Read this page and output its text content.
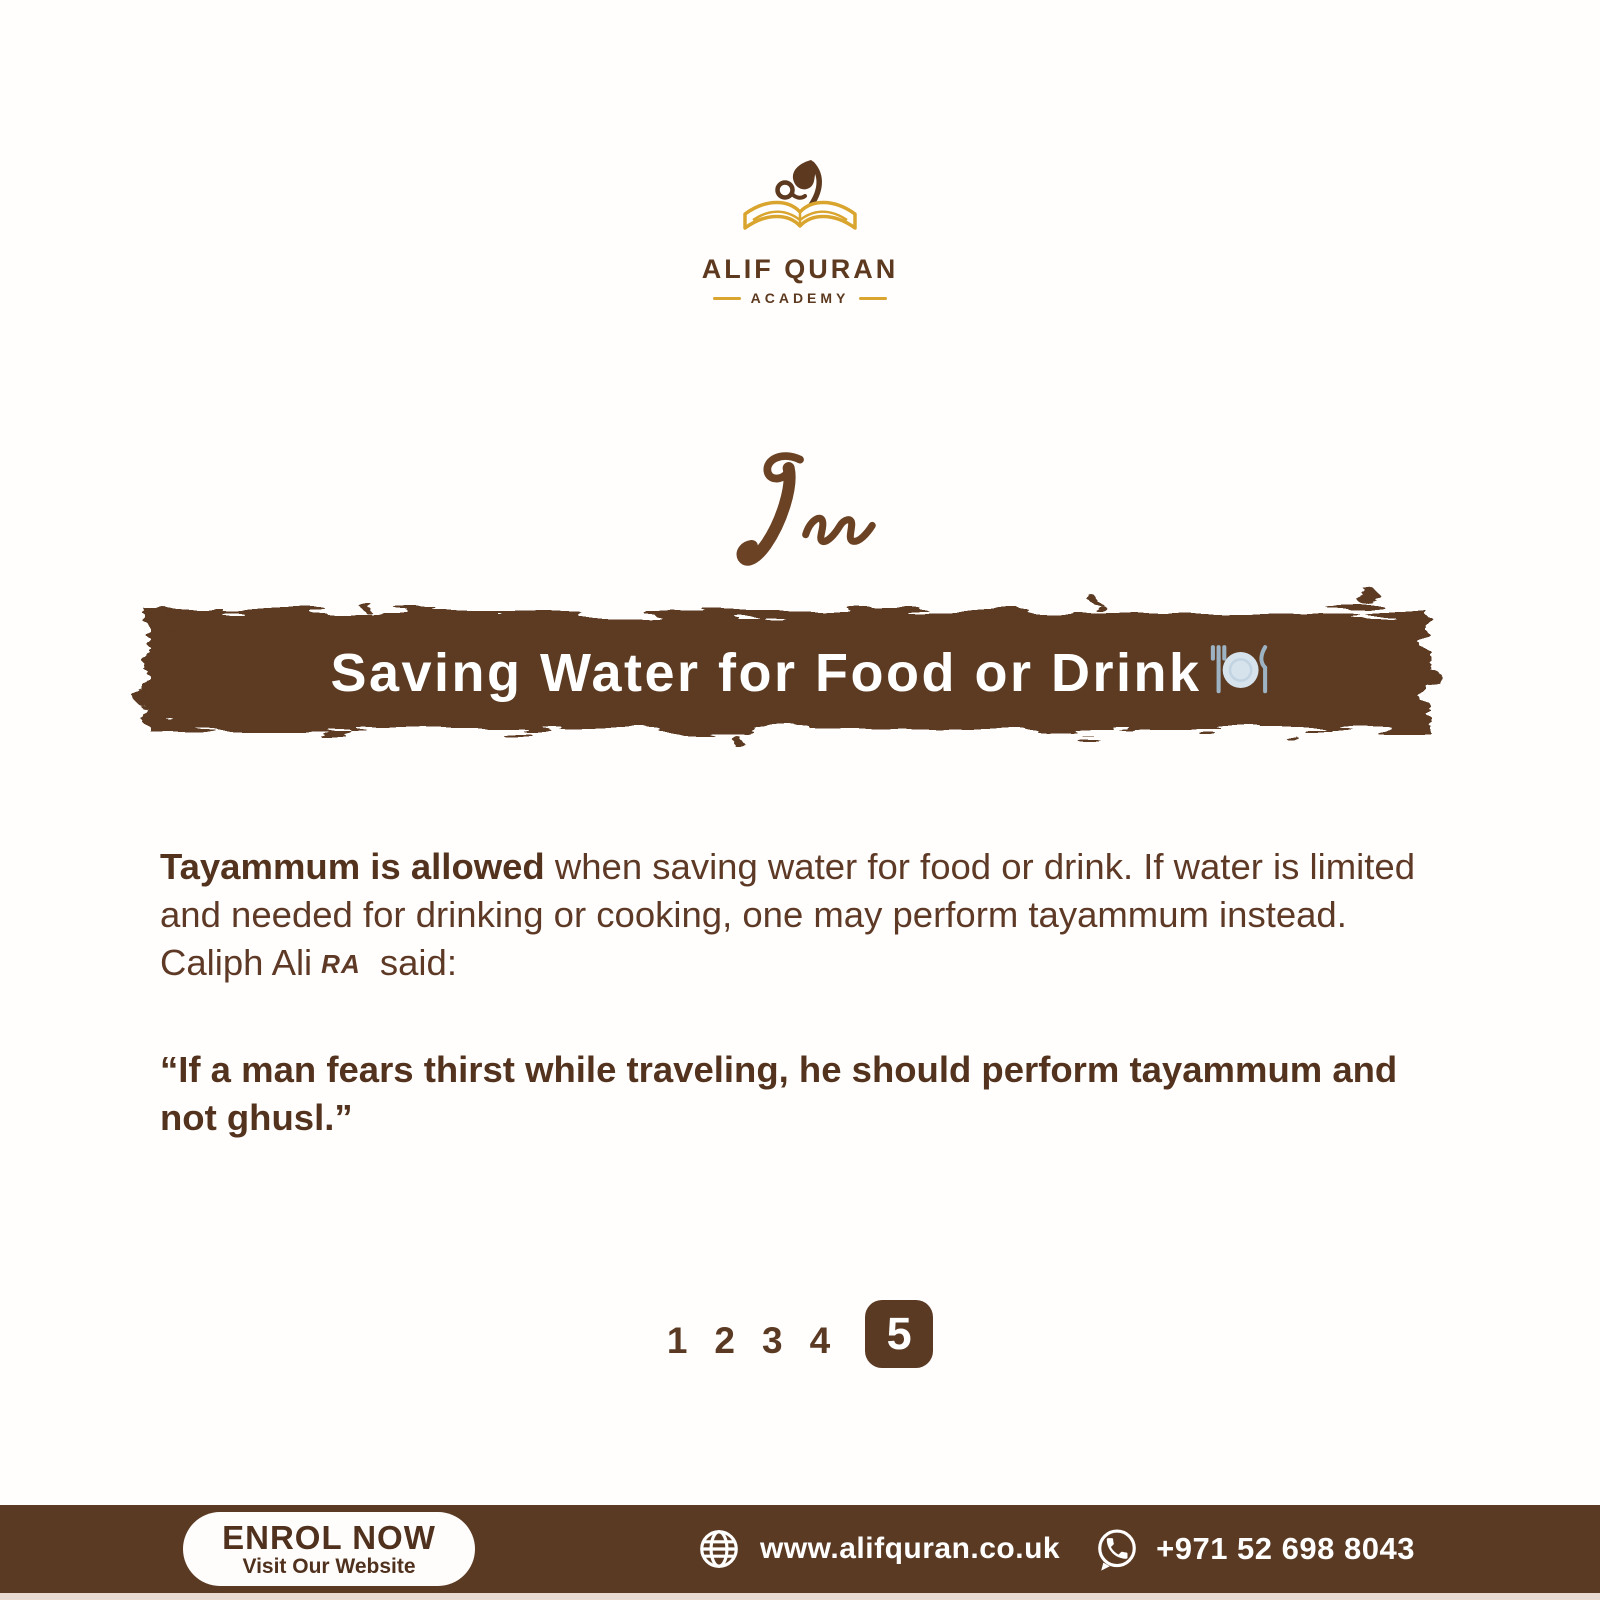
ALIF QURAN
ACADEMY
Saving Water for Food or Drink
Tayammum is allowed when saving water for food or drink. If water is limited and needed for drinking or cooking, one may perform tayammum instead.
Caliph Ali RA said:
“If a man fears thirst while traveling, he should perform tayammum and
not ghusl.”
1 2 3 4	5
ENROL NOW
Visit Our Website
www.alifquran.co.uk	+971 52 698 8043
